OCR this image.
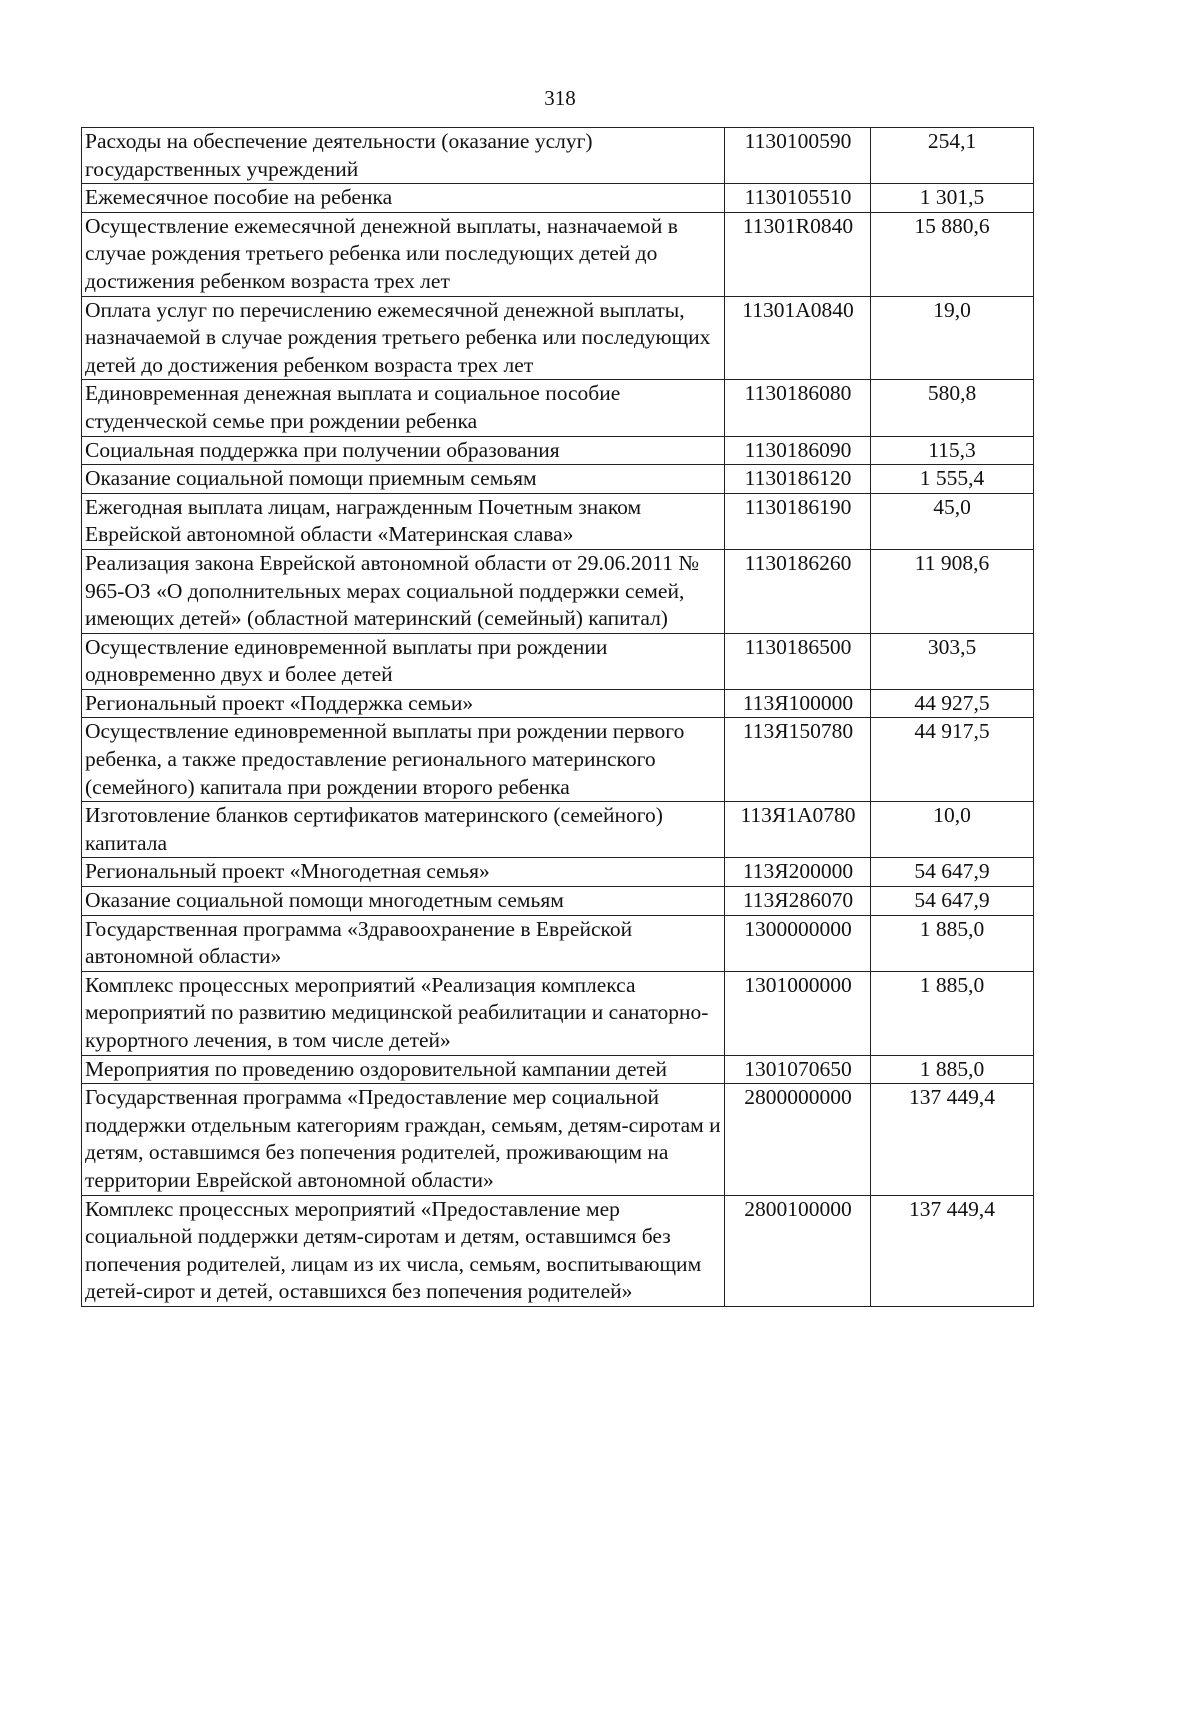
318
Расходы на обеспечение деятельности (оказание услуг) государственных учреждений	1130100590	254,1
Ежемесячное пособие на ребенка	1130105510	1 301,5
Осуществление ежемесячной денежной выплаты, назначаемой в случае рождения третьего ребенка или последующих детей до достижения ребенком возраста трех лет	11301R0840	15 880,6
Оплата услуг по перечислению ежемесячной денежной выплаты, назначаемой в случае рождения третьего ребенка или последующих детей до достижения ребенком возраста трех лет	11301A0840	19,0
Единовременная денежная выплата и социальное пособие студенческой семье при рождении ребенка	1130186080	580,8
Социальная поддержка при получении образования	1130186090	115,3
Оказание социальной помощи приемным семьям	1130186120	1 555,4
Ежегодная выплата лицам, награжденным Почетным знаком Еврейской автономной области «Материнская слава»	1130186190	45,0
Реализация закона Еврейской автономной области от 29.06.2011 № 965-ОЗ «О дополнительных мерах социальной поддержки семей, имеющих детей» (областной материнский (семейный) капитал)	1130186260	11 908,6
Осуществление единовременной выплаты при рождении одновременно двух и более детей	1130186500	303,5
Региональный проект «Поддержка семьи»	113Я100000	44 927,5
Осуществление единовременной выплаты при рождении первого ребенка, а также предоставление регионального материнского (семейного) капитала при рождении второго ребенка	113Я150780	44 917,5
Изготовление бланков сертификатов материнского (семейного) капитала	113Я1А0780	10,0
Региональный проект «Многодетная семья»	113Я200000	54 647,9
Оказание социальной помощи многодетным семьям	113Я286070	54 647,9
Государственная программа «Здравоохранение в Еврейской автономной области»	1300000000	1 885,0
Комплекс процессных мероприятий «Реализация комплекса мероприятий по развитию медицинской реабилитации и санаторно-курортного лечения, в том числе детей»	1301000000	1 885,0
Мероприятия по проведению оздоровительной кампании детей	1301070650	1 885,0
Государственная программа «Предоставление мер социальной поддержки отдельным категориям граждан, семьям, детям-сиротам и детям, оставшимся без попечения родителей, проживающим на территории Еврейской автономной области»	2800000000	137 449,4
Комплекс процессных мероприятий «Предоставление мер социальной поддержки детям-сиротам и детям, оставшимся без попечения родителей, лицам из их числа, семьям, воспитывающим детей-сирот и детей, оставшихся без попечения родителей»	2800100000	137 449,4
